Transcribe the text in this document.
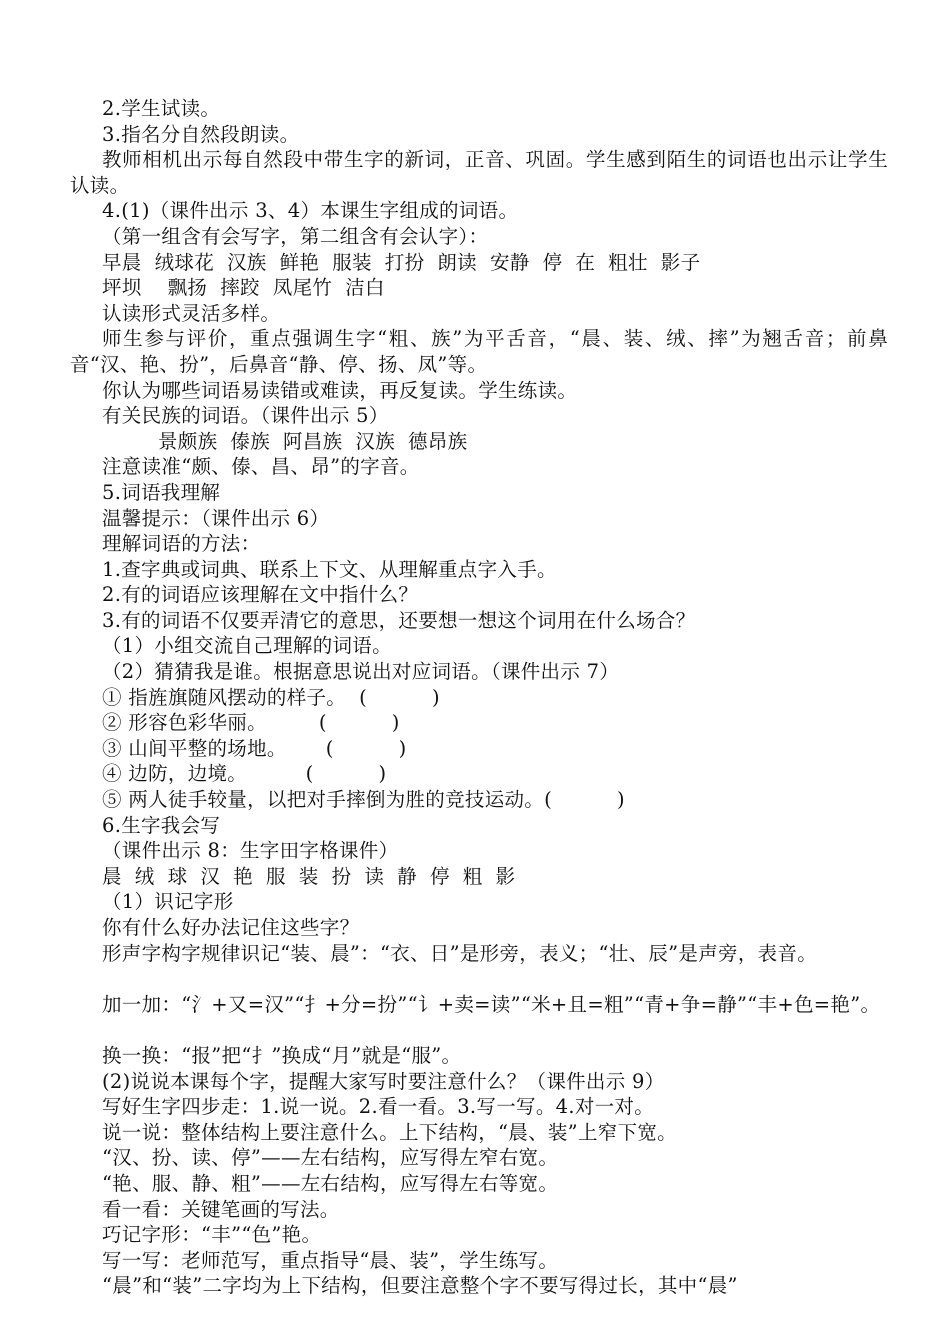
2.学生试读。
3.指名分自然段朗读。
教师相机出示每自然段中带生字的新词，正音、巩固。学生感到陌生的词语也出示让学生认读。
4.(1)（课件出示 3、4）本课生字组成的词语。
（第一组含有会写字，第二组含有会认字）：
早晨  绒球花  汉族  鲜艳  服装  打扮  朗读  安静  停  在  粗壮  影子
坪坝    飘扬  摔跤  凤尾竹  洁白
认读形式灵活多样。
师生参与评价，重点强调生字“粗、族”为平舌音，“晨、装、绒、摔”为翘舌音；前鼻音“汉、艳、扮”，后鼻音“静、停、扬、凤”等。
你认为哪些词语易读错或难读，再反复读。学生练读。
有关民族的词语。（课件出示 5）
景颇族  傣族  阿昌族  汉族  德昂族
注意读准“颇、傣、昌、昂”的字音。
5.词语我理解
温馨提示：（课件出示 6）
理解词语的方法：
1.查字典或词典、联系上下文、从理解重点字入手。
2.有的词语应该理解在文中指什么？
3.有的词语不仅要弄清它的意思，还要想一想这个词用在什么场合？
（1）小组交流自己理解的词语。
（2）猜猜我是谁。根据意思说出对应词语。（课件出示 7）
① 指旌旗随风摆动的样子。  (          )
② 形容色彩华丽。        (          )
③ 山间平整的场地。      (          )
④ 边防，边境。         (          )
⑤ 两人徒手较量，以把对手摔倒为胜的竞技运动。(          )
6.生字我会写
（课件出示 8：生字田字格课件）
晨  绒  球  汉  艳  服  装  扮  读  静  停  粗  影
（1）识记字形
你有什么好办法记住这些字？
形声字构字规律识记“装、晨”：“衣、日”是形旁，表义；“壮、辰”是声旁，表音。
加一加：“氵+又=汉”“扌+分=扮”“讠+卖=读”“米+且=粗”“青+争=静”“丰+色=艳”。
换一换：“报”把“扌”换成“月”就是“服”。
(2)说说本课每个字，提醒大家写时要注意什么？（课件出示 9）
写好生字四步走：1.说一说。2.看一看。3.写一写。4.对一对。
说一说：整体结构上要注意什么。上下结构，“晨、装”上窄下宽。
“汉、扮、读、停”——左右结构，应写得左窄右宽。
“艳、服、静、粗”——左右结构，应写得左右等宽。
看一看：关键笔画的写法。
巧记字形：“丰”“色”艳。
写一写：老师范写，重点指导“晨、装”，学生练写。
“晨”和“装”二字均为上下结构，但要注意整个字不要写得过长，其中“晨”
